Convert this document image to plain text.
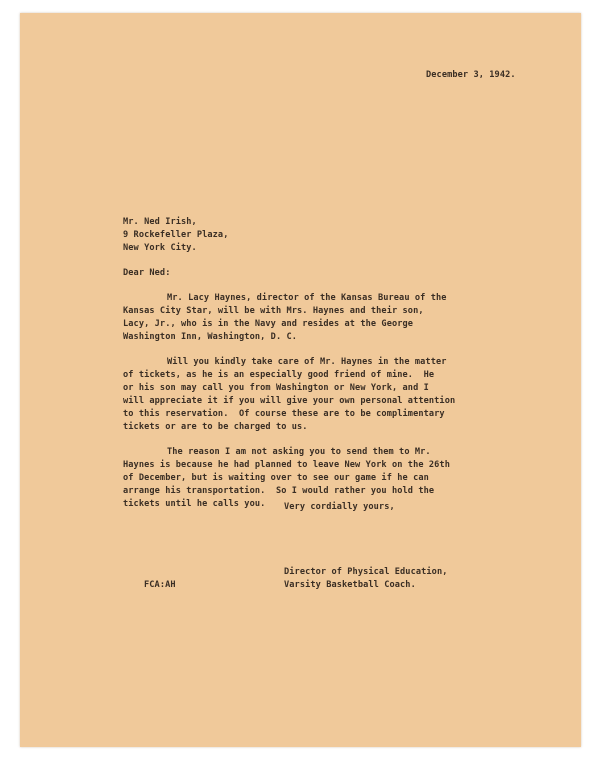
December 3, 1942.
Mr. Ned Irish,
9 Rockefeller Plaza,
New York City.
Dear Ned:
Mr. Lacy Haynes, director of the Kansas Bureau of the
Kansas City Star, will be with Mrs. Haynes and their son,
Lacy, Jr., who is in the Navy and resides at the George
Washington Inn, Washington, D. C.
Will you kindly take care of Mr. Haynes in the matter
of tickets, as he is an especially good friend of mine.  He
or his son may call you from Washington or New York, and I
will appreciate it if you will give your own personal attention
to this reservation.  Of course these are to be complimentary
tickets or are to be charged to us.
The reason I am not asking you to send them to Mr.
Haynes is because he had planned to leave New York on the 26th
of December, but is waiting over to see our game if he can
arrange his transportation.  So I would rather you hold the
tickets until he calls you. Very cordially yours,
Director of Physical Education,
Varsity Basketball Coach.
FCA:AH
